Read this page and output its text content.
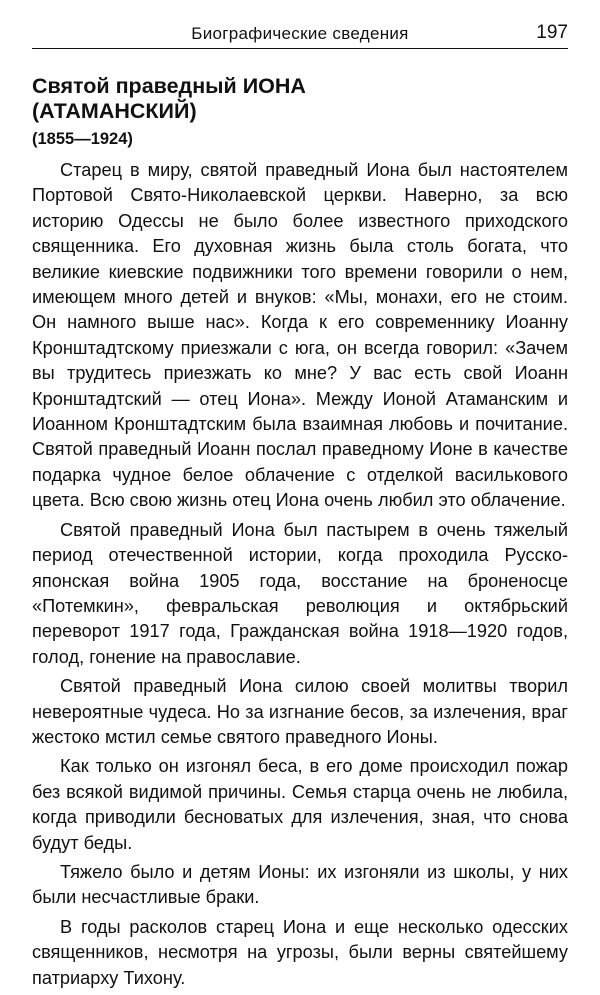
Биографические сведения	197
Святой праведный ИОНА
(АТАМАНСКИЙ)
(1855—1924)

Старец в миру, святой праведный Иона был настоятелем Портовой Свято-Николаевской церкви. Наверно, за всю историю Одессы не было более известного приходского священника. Его духовная жизнь была столь богата, что великие киевские подвижники того времени говорили о нем, имеющем много детей и внуков: «Мы, монахи, его не стоим. Он намного выше нас». Когда к его современнику Иоанну Кронштадтскому приезжали с юга, он всегда говорил: «Зачем вы трудитесь приезжать ко мне? У вас есть свой Иоанн Кронштадтский — отец Иона». Между Ионой Атаманским и Иоанном Кронштадтским была взаимная любовь и почитание. Святой праведный Иоанн послал праведному Ионе в качестве подарка чудное белое облачение с отделкой василькового цвета. Всю свою жизнь отец Иона очень любил это облачение.

Святой праведный Иона был пастырем в очень тяжелый период отечественной истории, когда проходила Русско-японская война 1905 года, восстание на броненосце «Потемкин», февральская революция и октябрьский переворот 1917 года, Гражданская война 1918—1920 годов, голод, гонение на православие.

Святой праведный Иона силою своей молитвы творил невероятные чудеса. Но за изгнание бесов, за излечения, враг жестоко мстил семье святого праведного Ионы.

Как только он изгонял беса, в его доме происходил пожар без всякой видимой причины. Семья старца очень не любила, когда приводили бесноватых для излечения, зная, что снова будут беды.

Тяжело было и детям Ионы: их изгоняли из школы, у них были несчастливые браки.

В годы расколов старец Иона и еще несколько одесских священников, несмотря на угрозы, были верны святейшему патриарху Тихону.
